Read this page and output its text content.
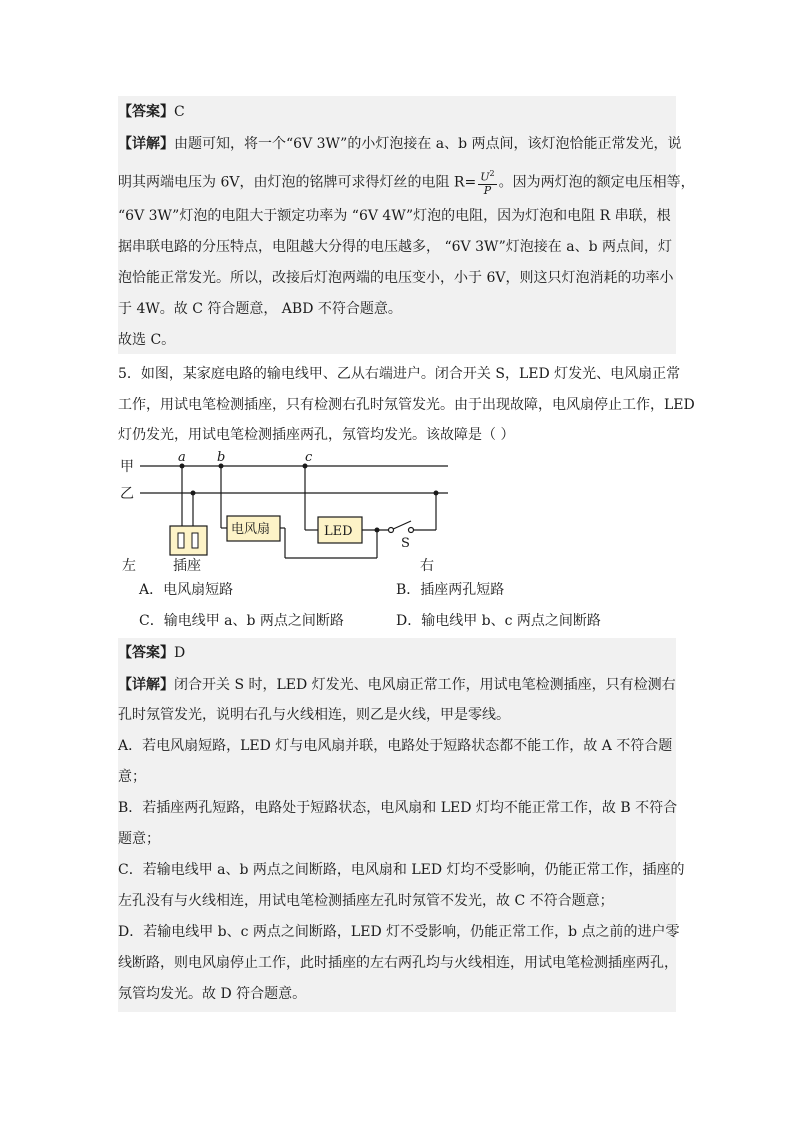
【答案】C
【详解】由题可知，将一个“6V 3W”的小灯泡接在 a、b 两点间，该灯泡恰能正常发光，说
明其两端电压为 6V，由灯泡的铭牌可求得灯丝的电阻 $R= \frac{U^2}{P}$ 。因为两灯泡的额定电压相等，
“6V 3W”灯泡的电阻大于额定功率为 “6V 4W”灯泡的电阻，因为灯泡和电阻 R 串联，根
据串联电路的分压特点，电阻越大分得的电压越多， “6V 3W”灯泡接在 a、b 两点间，灯
泡恰能正常发光。所以，改接后灯泡两端的电压变小，小于 6V，则这只灯泡消耗的功率小
于 4W。故 C 符合题意， ABD 不符合题意。
故选 C。
5．如图，某家庭电路的输电线甲、乙从右端进户。闭合开关 S，LED 灯发光、电风扇正常
工作，用试电笔检测插座，只有检测右孔时氖管发光。由于出现故障，电风扇停止工作，LED
灯仍发光，用试电笔检测插座两孔，氖管均发光。该故障是（ ）
甲
乙
a b	c
电风扇	LED
S
左	插座	右
A．电风扇短路	B．插座两孔短路
C．输电线甲 a、b 两点之间断路	D．输电线甲 b、c 两点之间断路
【答案】D
【详解】闭合开关 S 时，LED 灯发光、电风扇正常工作，用试电笔检测插座，只有检测右
孔时氖管发光，说明右孔与火线相连，则乙是火线，甲是零线。
A．若电风扇短路，LED 灯与电风扇并联，电路处于短路状态都不能工作，故 A 不符合题
意；
B．若插座两孔短路，电路处于短路状态，电风扇和 LED 灯均不能正常工作，故 B 不符合
题意；
C．若输电线甲 a、b 两点之间断路，电风扇和 LED 灯均不受影响，仍能正常工作，插座的
左孔没有与火线相连，用试电笔检测插座左孔时氖管不发光，故 C 不符合题意；
D．若输电线甲 b、c 两点之间断路，LED 灯不受影响，仍能正常工作，b 点之前的进户零
线断路，则电风扇停止工作，此时插座的左右两孔均与火线相连，用试电笔检测插座两孔，
氖管均发光。故 D 符合题意。
